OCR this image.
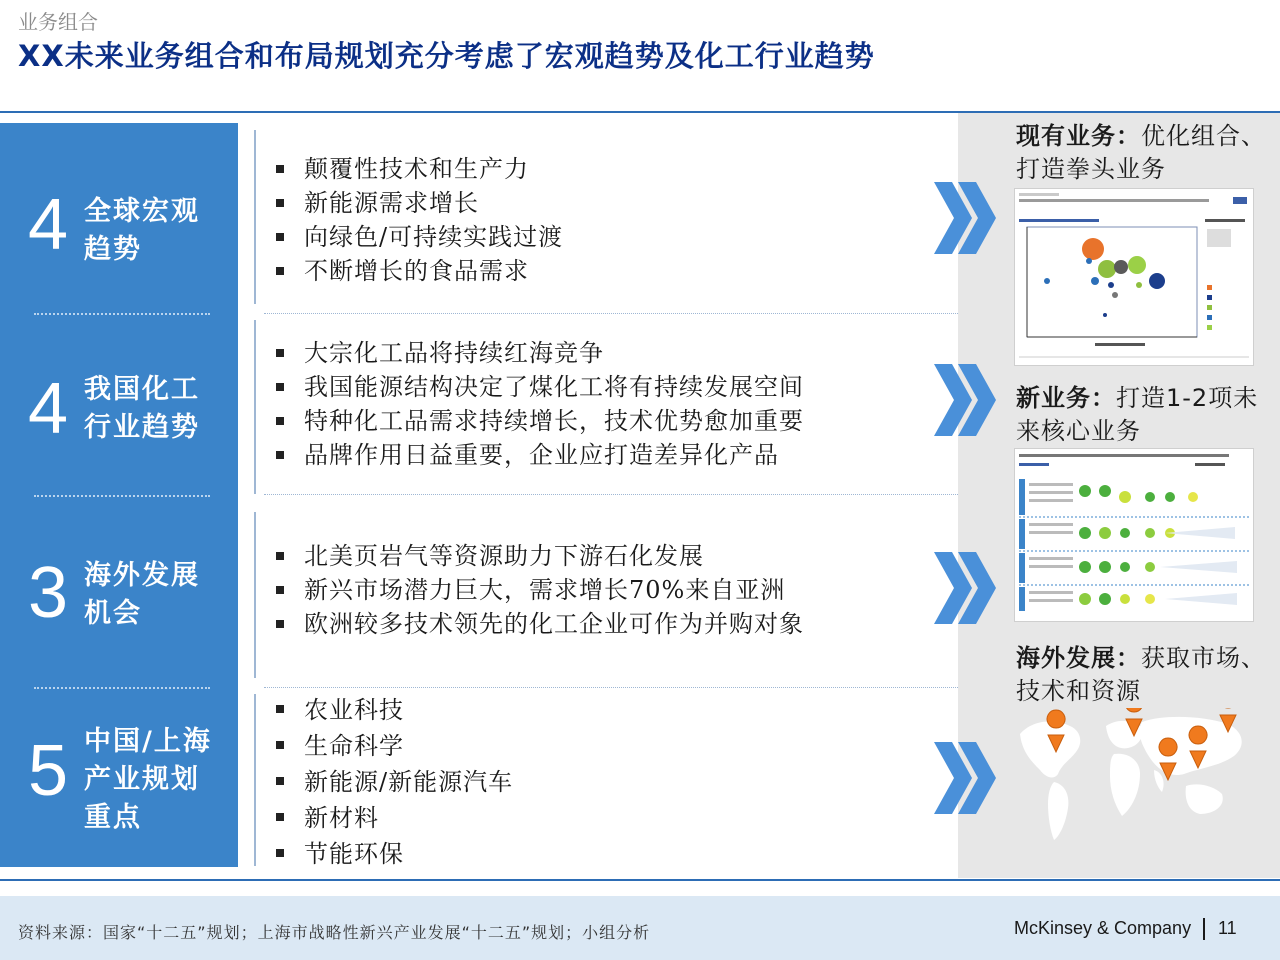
业务组合
XX未来业务组合和布局规划充分考虑了宏观趋势及化工行业趋势
4 全球宏观
趋势
4 我国化工
行业趋势
3 海外发展
机会
5 中国/上海
产业规划
重点
颠覆性技术和生产力
新能源需求增长
向绿色/可持续实践过渡
不断增长的食品需求
大宗化工品将持续红海竞争
我国能源结构决定了煤化工将有持续发展空间
特种化工品需求持续增长，技术优势愈加重要
品牌作用日益重要，企业应打造差异化产品
北美页岩气等资源助力下游石化发展
新兴市场潜力巨大，需求增长70%来自亚洲
欧洲较多技术领先的化工企业可作为并购对象
农业科技
生命科学
新能源/新能源汽车
新材料
节能环保
现有业务：优化组合、打造拳头业务
新业务：打造1-2项未来核心业务
海外发展：获取市场、技术和资源
资料来源：国家“十二五”规划；上海市战略性新兴产业发展“十二五”规划；小组分析	McKinsey & Company 11
